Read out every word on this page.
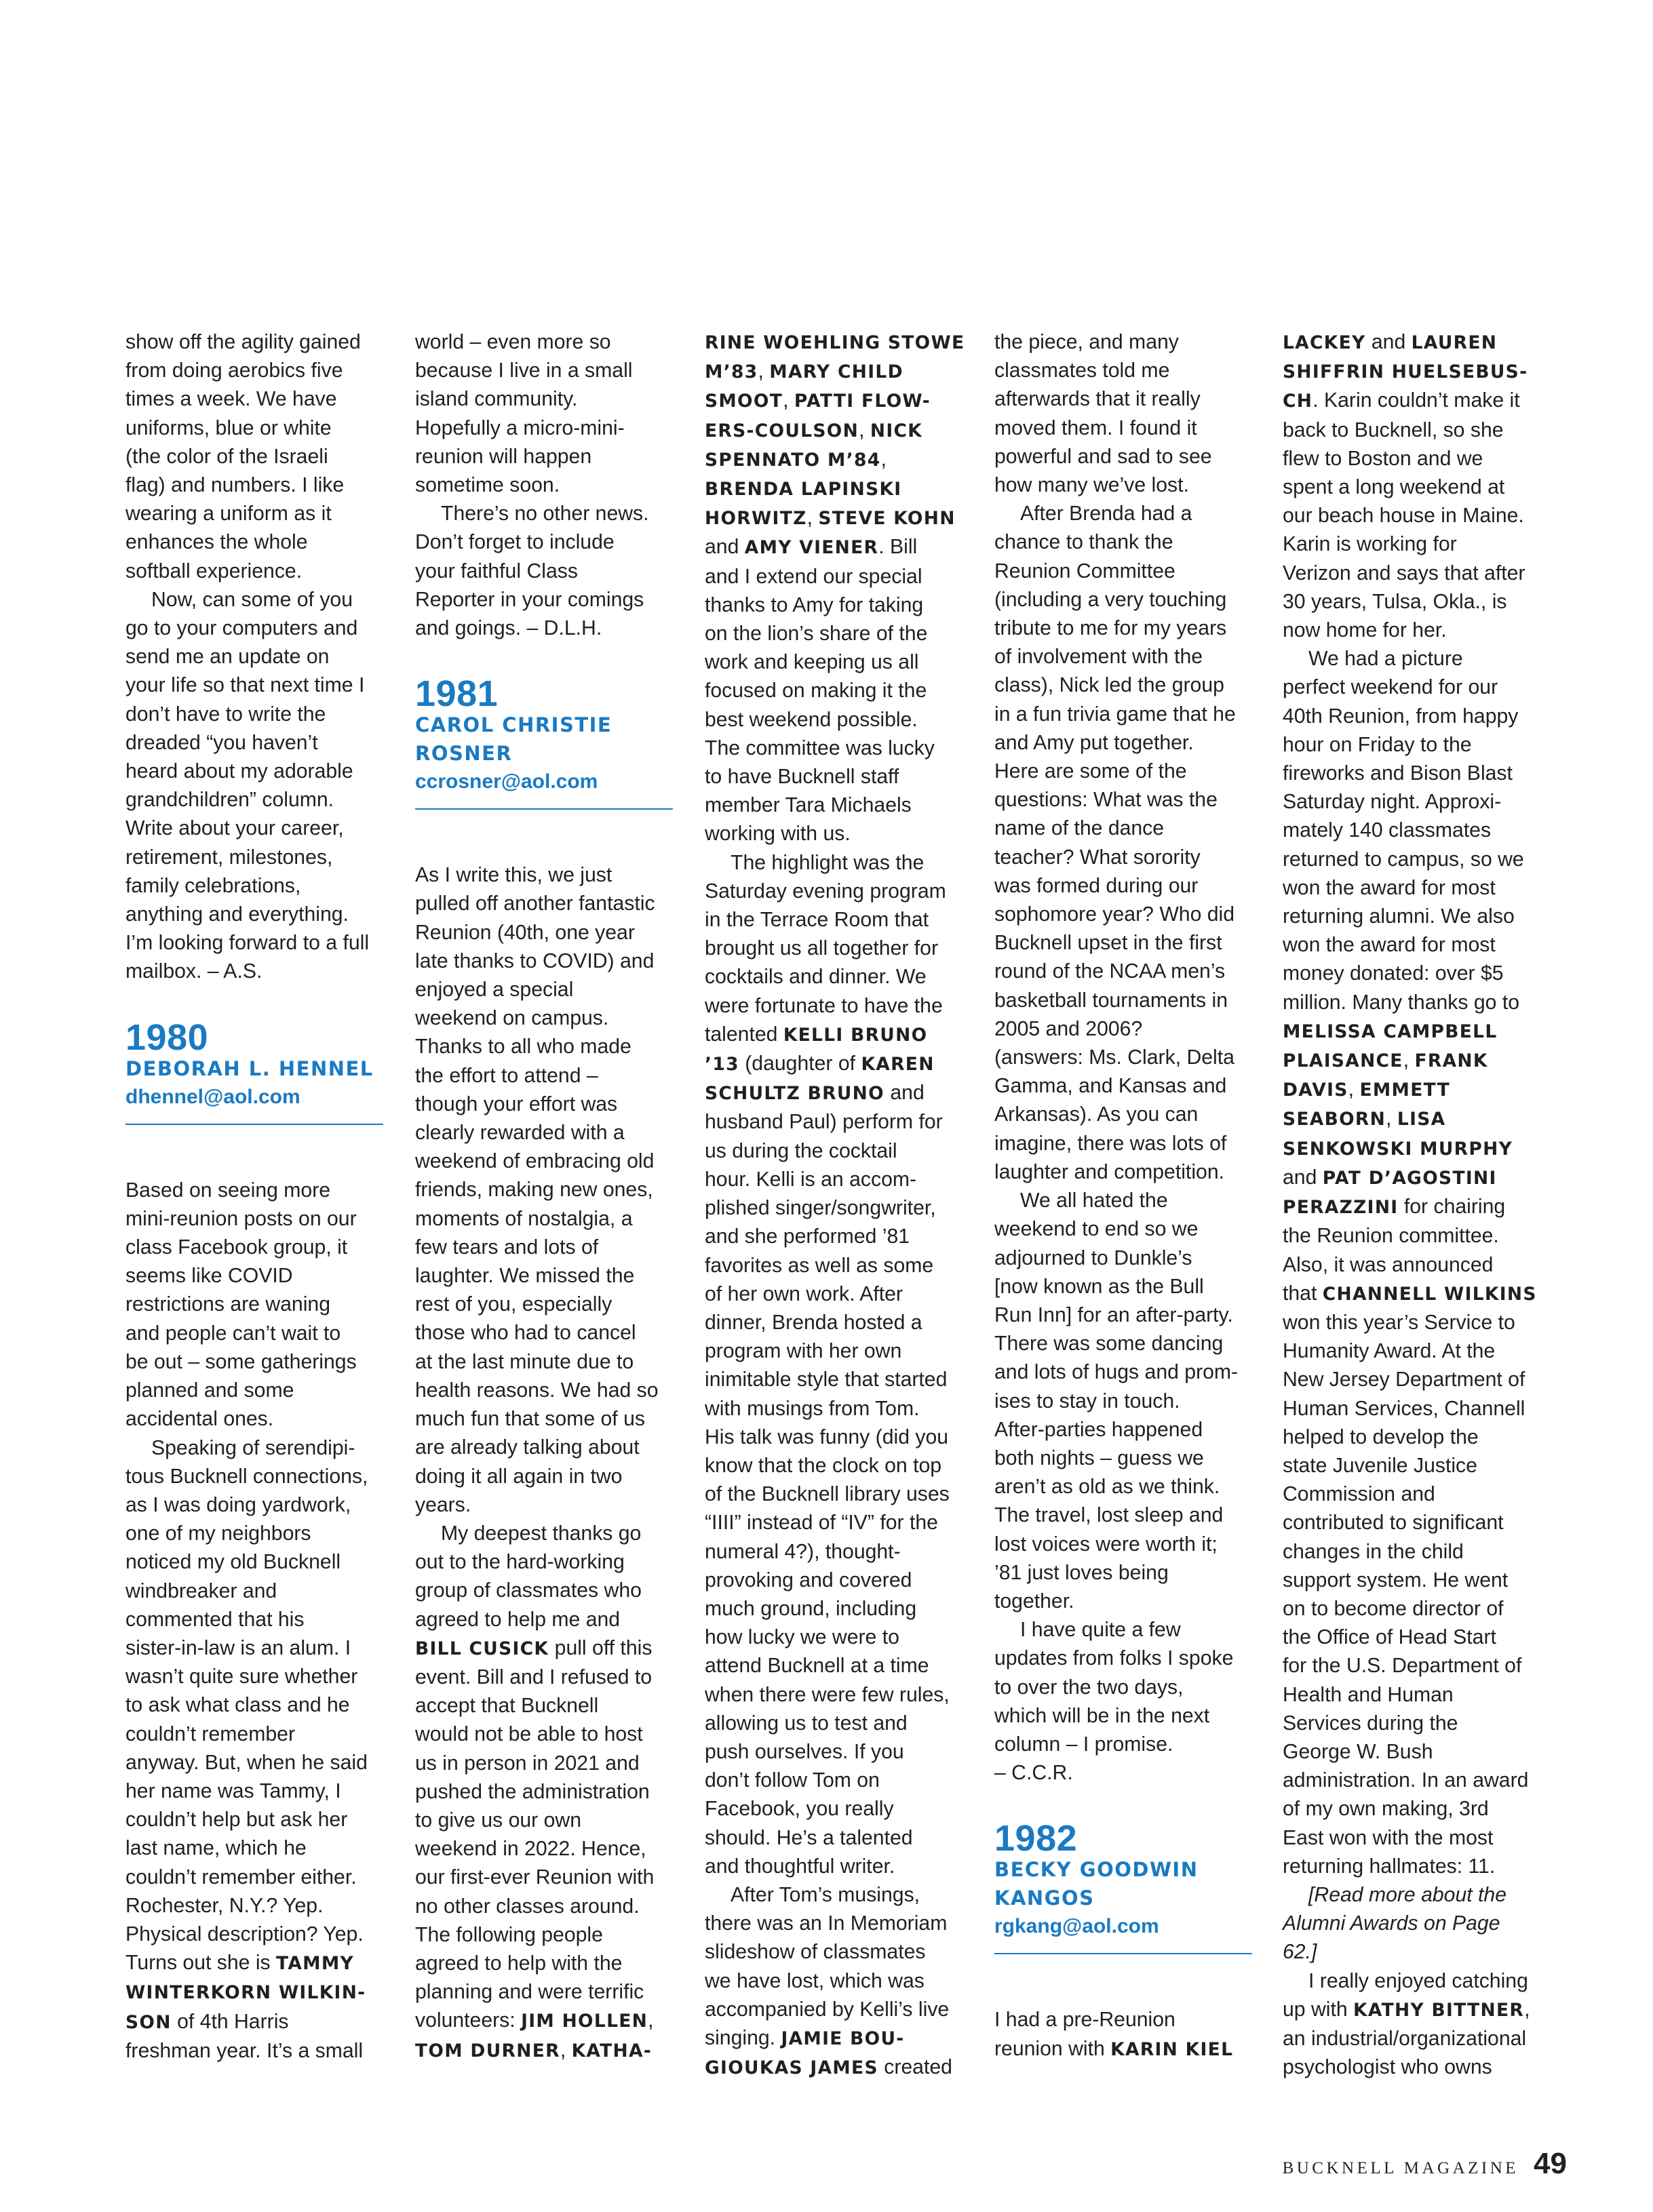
show off the agility gained
from doing aerobics five
times a week. We have
uniforms, blue or white
(the color of the Israeli
flag) and numbers. I like
wearing a uniform as it
enhances the whole
softball experience.

Now, can some of you
go to your computers and
send me an update on
your life so that next time I
don’t have to write the
dreaded “you haven’t
heard about my adorable
grandchildren” column.
Write about your career,
retirement, milestones,
family celebrations,
anything and everything.
I’m looking forward to a full
mailbox. – A.S.

1980
DEBORAH L. HENNEL
dhennel@aol.com

Based on seeing more
mini-reunion posts on our
class Facebook group, it
seems like COVID
restrictions are waning
and people can’t wait to
be out – some gatherings
planned and some
accidental ones.

Speaking of serendipi-
tous Bucknell connections,
as I was doing yardwork,
one of my neighbors
noticed my old Bucknell
windbreaker and
commented that his
sister-in-law is an alum. I
wasn’t quite sure whether
to ask what class and he
couldn’t remember
anyway. But, when he said
her name was Tammy, I
couldn’t help but ask her
last name, which he
couldn’t remember either.
Rochester, N.Y.? Yep.
Physical description? Yep.
Turns out she is TAMMY
WINTERKORN WILKIN-
SON of 4th Harris
freshman year. It’s a small

world – even more so
because I live in a small
island community.
Hopefully a micro-mini-
reunion will happen
sometime soon.

There’s no other news.
Don’t forget to include
your faithful Class
Reporter in your comings
and goings. – D.L.H.

1981
CAROL CHRISTIE
ROSNER
ccrosner@aol.com

As I write this, we just
pulled off another fantastic
Reunion (40th, one year
late thanks to COVID) and
enjoyed a special
weekend on campus.
Thanks to all who made
the effort to attend –
though your effort was
clearly rewarded with a
weekend of embracing old
friends, making new ones,
moments of nostalgia, a
few tears and lots of
laughter. We missed the
rest of you, especially
those who had to cancel
at the last minute due to
health reasons. We had so
much fun that some of us
are already talking about
doing it all again in two
years.

My deepest thanks go
out to the hard-working
group of classmates who
agreed to help me and
BILL CUSICK pull off this
event. Bill and I refused to
accept that Bucknell
would not be able to host
us in person in 2021 and
pushed the administration
to give us our own
weekend in 2022. Hence,
our first-ever Reunion with
no other classes around.
The following people
agreed to help with the
planning and were terrific
volunteers: JIM HOLLEN,
TOM DURNER, KATHA-

RINE WOEHLING STOWE
M’83, MARY CHILD
SMOOT, PATTI FLOW-
ERS-COULSON, NICK
SPENNATO M’84,
BRENDA LAPINSKI
HORWITZ, STEVE KOHN
and AMY VIENER. Bill
and I extend our special
thanks to Amy for taking
on the lion’s share of the
work and keeping us all
focused on making it the
best weekend possible.
The committee was lucky
to have Bucknell staff
member Tara Michaels
working with us.

The highlight was the
Saturday evening program
in the Terrace Room that
brought us all together for
cocktails and dinner. We
were fortunate to have the
talented KELLI BRUNO
’13 (daughter of KAREN
SCHULTZ BRUNO and
husband Paul) perform for
us during the cocktail
hour. Kelli is an accom-
plished singer/songwriter,
and she performed ’81
favorites as well as some
of her own work. After
dinner, Brenda hosted a
program with her own
inimitable style that started
with musings from Tom.
His talk was funny (did you
know that the clock on top
of the Bucknell library uses
“IIII” instead of “IV” for the
numeral 4?), thought-
provoking and covered
much ground, including
how lucky we were to
attend Bucknell at a time
when there were few rules,
allowing us to test and
push ourselves. If you
don’t follow Tom on
Facebook, you really
should. He’s a talented
and thoughtful writer.

After Tom’s musings,
there was an In Memoriam
slideshow of classmates
we have lost, which was
accompanied by Kelli’s live
singing. JAMIE BOU-
GIOUKAS JAMES created

the piece, and many
classmates told me
afterwards that it really
moved them. I found it
powerful and sad to see
how many we’ve lost.

After Brenda had a
chance to thank the
Reunion Committee
(including a very touching
tribute to me for my years
of involvement with the
class), Nick led the group
in a fun trivia game that he
and Amy put together.
Here are some of the
questions: What was the
name of the dance
teacher? What sorority
was formed during our
sophomore year? Who did
Bucknell upset in the first
round of the NCAA men’s
basketball tournaments in
2005 and 2006?
(answers: Ms. Clark, Delta
Gamma, and Kansas and
Arkansas). As you can
imagine, there was lots of
laughter and competition.

We all hated the
weekend to end so we
adjourned to Dunkle’s
[now known as the Bull
Run Inn] for an after-party.
There was some dancing
and lots of hugs and prom-
ises to stay in touch.
After-parties happened
both nights – guess we
aren’t as old as we think.
The travel, lost sleep and
lost voices were worth it;
’81 just loves being
together.

I have quite a few
updates from folks I spoke
to over the two days,
which will be in the next
column – I promise.
– C.C.R.

1982
BECKY GOODWIN
KANGOS
rgkang@aol.com

I had a pre-Reunion
reunion with KARIN KIEL

LACKEY and LAUREN
SHIFFRIN HUELSEBUS-
CH. Karin couldn’t make it
back to Bucknell, so she
flew to Boston and we
spent a long weekend at
our beach house in Maine.
Karin is working for
Verizon and says that after
30 years, Tulsa, Okla., is
now home for her.

We had a picture
perfect weekend for our
40th Reunion, from happy
hour on Friday to the
fireworks and Bison Blast
Saturday night. Approxi-
mately 140 classmates
returned to campus, so we
won the award for most
returning alumni. We also
won the award for most
money donated: over $5
million. Many thanks go to
MELISSA CAMPBELL
PLAISANCE, FRANK
DAVIS, EMMETT
SEABORN, LISA
SENKOWSKI MURPHY
and PAT D’AGOSTINI
PERAZZINI for chairing
the Reunion committee.
Also, it was announced
that CHANNELL WILKINS
won this year’s Service to
Humanity Award. At the
New Jersey Department of
Human Services, Channell
helped to develop the
state Juvenile Justice
Commission and
contributed to significant
changes in the child
support system. He went
on to become director of
the Office of Head Start
for the U.S. Department of
Health and Human
Services during the
George W. Bush
administration. In an award
of my own making, 3rd
East won with the most
returning hallmates: 11.

[Read more about the
Alumni Awards on Page
62.]

I really enjoyed catching
up with KATHY BITTNER,
an industrial/organizational
psychologist who owns

BUCKNELL MAGAZINE 49
